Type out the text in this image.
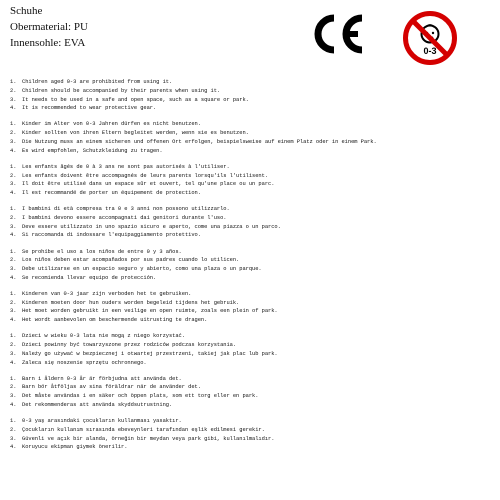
Schuhe
Obermaterial: PU
Innensohle: EVA
0-3
1. Children aged 0-3 are prohibited from using it.
2. Children should be accompanied by their parents when using it.
3. It needs to be used in a safe and open space, such as a square or park.
4. It is recommended to wear protective gear.
1. Kinder im Alter von 0-3 Jahren dürfen es nicht benutzen.
2. Kinder sollten von ihren Eltern begleitet werden, wenn sie es benutzen.
3. Die Nutzung muss an einem sicheren und offenen Ort erfolgen, beispielsweise auf einem Platz oder in einem Park.
4. Es wird empfohlen, Schutzkleidung zu tragen.
1. Les enfants âgés de 0 à 3 ans ne sont pas autorisés à l'utiliser.
2. Les enfants doivent être accompagnés de leurs parents lorsqu'ils l'utilisent.
3. Il doit être utilisé dans un espace sûr et ouvert, tel qu'une place ou un parc.
4. Il est recommandé de porter un équipement de protection.
1. I bambini di età compresa tra 0 e 3 anni non possono utilizzarlo.
2. I bambini devono essere accompagnati dai genitori durante l'uso.
3. Deve essere utilizzato in uno spazio sicuro e aperto, come una piazza o un parco.
4. Si raccomanda di indossare l'equipaggiamento protettivo.
1. Se prohíbe el uso a los niños de entre 0 y 3 años.
2. Los niños deben estar acompañados por sus padres cuando lo utilicen.
3. Debe utilizarse en un espacio seguro y abierto, como una plaza o un parque.
4. Se recomienda llevar equipo de protección.
1. Kinderen van 0-3 jaar zijn verboden het te gebruiken.
2. Kinderen moeten door hun ouders worden begeleid tijdens het gebruik.
3. Het moet worden gebruikt in een veilige en open ruimte, zoals een plein of park.
4. Het wordt aanbevolen om beschermende uitrusting te dragen.
1. Dzieci w wieku 0-3 lata nie mogą z niego korzystać.
2. Dzieci powinny być towarzyszone przez rodziców podczas korzystania.
3. Należy go używać w bezpiecznej i otwartej przestrzeni, takiej jak plac lub park.
4. Zaleca się noszenie sprzętu ochronnego.
1. Barn i åldern 0-3 år är förbjudna att använda det.
2. Barn bör åtföljas av sina föräldrar när de använder det.
3. Det måste användas i en säker och öppen plats, som ett torg eller en park.
4. Det rekommenderas att använda skyddsutrustning.
1. 0-3 yaş arasındaki çocukların kullanması yasaktır.
2. Çocukların kullanım sırasında ebeveynleri tarafından eşlik edilmesi gerekir.
3. Güvenli ve açık bir alanda, örneğin bir meydan veya park gibi, kullanılmalıdır.
4. Koruyucu ekipman giymek önerilir.
